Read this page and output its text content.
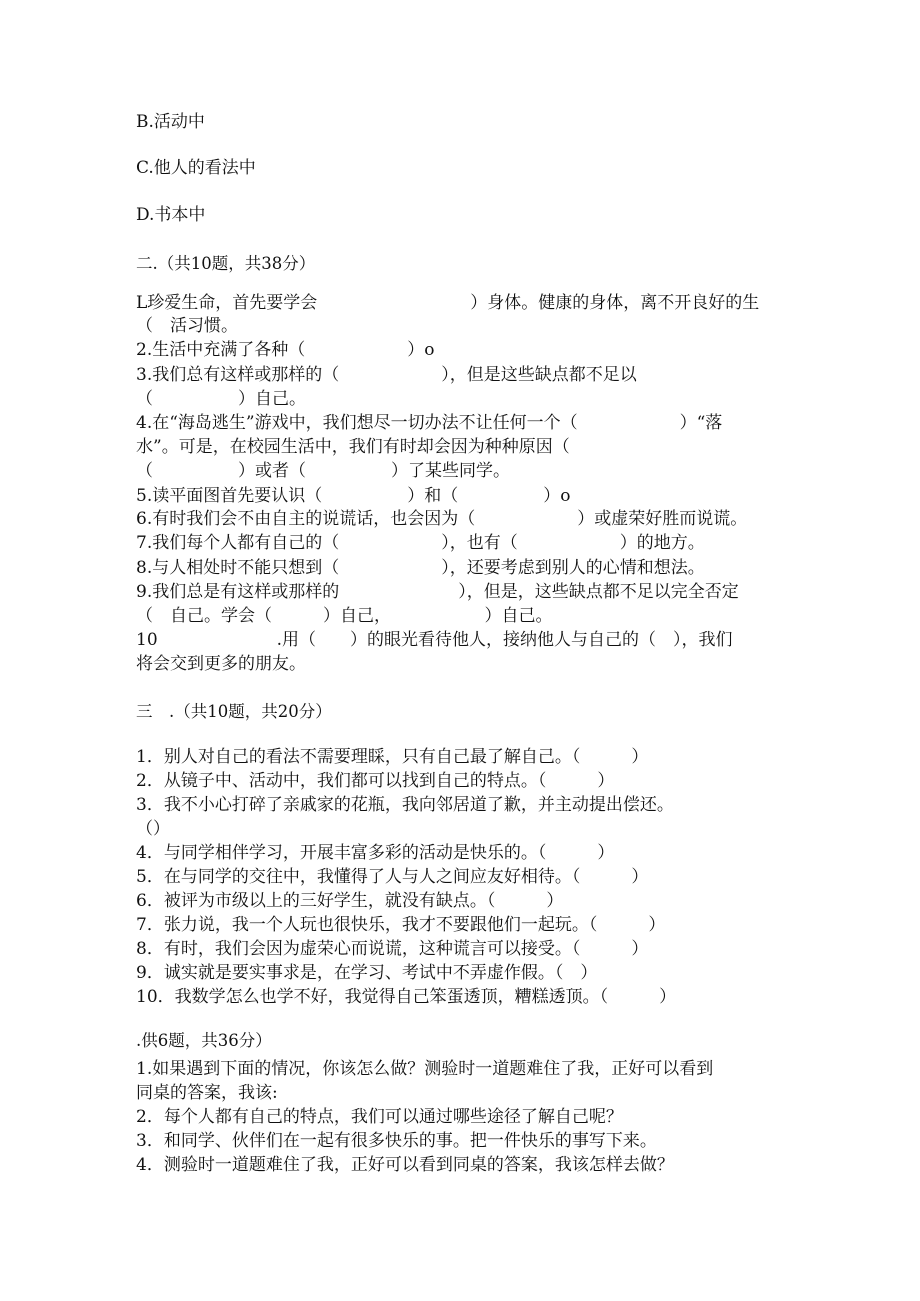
B.活动中
C.他人的看法中
D.书本中
二.（共10题，共38分）
L珍爱生命，首先要学会　　　　　　　　　）身体。健康的身体，离不开良好的生
（　活习惯。
2.生活中充满了各种（　　　　　　）o
3.我们总有这样或那样的（　　　　　　），但是这些缺点都不足以
（　　　　　）自己。
4.在“海岛逃生”游戏中，我们想尽一切办法不让任何一个（　　　　　　）“落
水”。可是，在校园生活中，我们有时却会因为种种原因（
（　　　　　）或者（　　　　　）了某些同学。
5.读平面图首先要认识（　　　　　）和（　　　　　）o
6.有时我们会不由自主的说谎话，也会因为（　　　　　　）或虚荣好胜而说谎。
7.我们每个人都有自己的（　　　　　　），也有（　　　　　　）的地方。
8.与人相处时不能只想到（　　　　　　），还要考虑到别人的心情和想法。
9.我们总是有这样或那样的　　　　　　　），但是，这些缺点都不足以完全否定
（　自己。学会（　　　）自己，　　　　　　）自己。
10　　　　　　　.用（　　）的眼光看待他人，接纳他人与自己的（　），我们
将会交到更多的朋友。
三　.（共10题，共20分）
1．别人对自己的看法不需要理睬，只有自己最了解自己。（　　　）
2．从镜子中、活动中，我们都可以找到自己的特点。（　　　）
3．我不小心打碎了亲戚家的花瓶，我向邻居道了歉，并主动提出偿还。
（）
4．与同学相伴学习，开展丰富多彩的活动是快乐的。（　　　）
5．在与同学的交往中，我懂得了人与人之间应友好相待。（　　　）
6．被评为市级以上的三好学生，就没有缺点。（　　　）
7．张力说，我一个人玩也很快乐，我才不要跟他们一起玩。（　　　）
8．有时，我们会因为虚荣心而说谎，这种谎言可以接受。（　　　）
9．诚实就是要实事求是，在学习、考试中不弄虚作假。（　）
10．我数学怎么也学不好，我觉得自己笨蛋透顶，糟糕透顶。（　　　）
.供6题，共36分）
1.如果遇到下面的情况，你该怎么做？测验时一道题难住了我，正好可以看到
同桌的答案，我该:
2．每个人都有自己的特点，我们可以通过哪些途径了解自己呢？
3．和同学、伙伴们在一起有很多快乐的事。把一件快乐的事写下来。
4．测验时一道题难住了我，正好可以看到同桌的答案，我该怎样去做？
